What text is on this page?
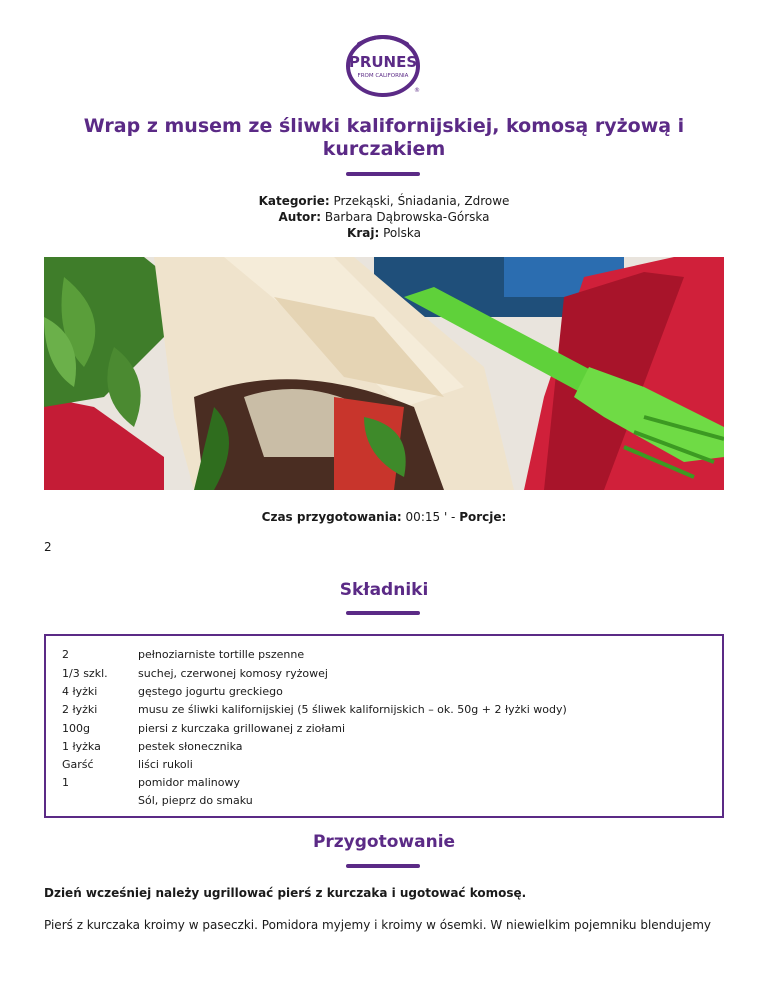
PRUNES
FROM CALIFORNIA
®
Wrap z musem ze śliwki kalifornijskiej, komosą ryżową i kurczakiem
Kategorie: Przekąski, Śniadania, Zdrowe
Autor: Barbara Dąbrowska-Górska
Kraj: Polska
Czas przygotowania: 00:15 ' - Porcje:
2
Składniki
2	pełnoziarniste tortille pszenne
1/3 szkl.	suchej, czerwonej komosy ryżowej
4 łyżki	gęstego jogurtu greckiego
2 łyżki	musu ze śliwki kalifornijskiej (5 śliwek kalifornijskich – ok. 50g + 2 łyżki wody)
100g	piersi z kurczaka grillowanej z ziołami
1 łyżka	pestek słonecznika
Garść	liści rukoli
1	pomidor malinowy
Sól, pieprz do smaku
Przygotowanie

Dzień wcześniej należy ugrillować pierś z kurczaka i ugotować komosę.

Pierś z kurczaka kroimy w paseczki. Pomidora myjemy i kroimy w ósemki. W niewielkim pojemniku blendujemy
